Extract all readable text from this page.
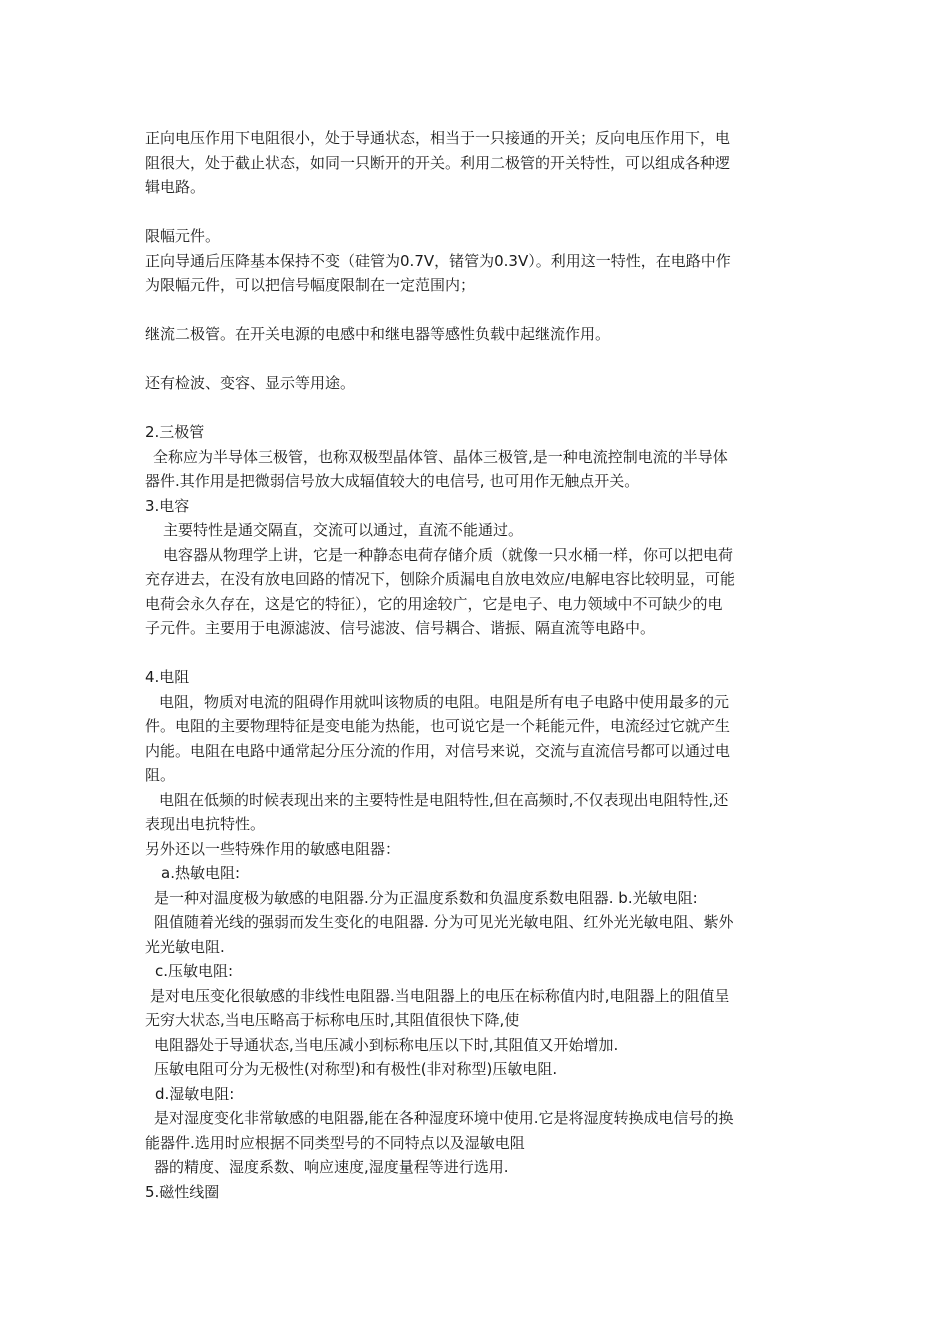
正向电压作用下电阻很小，处于导通状态，相当于一只接通的开关；反向电压作用下，电
阻很大，处于截止状态，如同一只断开的开关。利用二极管的开关特性，可以组成各种逻
辑电路。
限幅元件。
正向导通后压降基本保持不变（硅管为0.7V，锗管为0.3V）。利用这一特性，在电路中作
为限幅元件，可以把信号幅度限制在一定范围内；
继流二极管。在开关电源的电感中和继电器等感性负载中起继流作用。
还有检波、变容、显示等用途。
2.三极管
全称应为半导体三极管，也称双极型晶体管、晶体三极管,是一种电流控制电流的半导体
器件.其作用是把微弱信号放大成辐值较大的电信号, 也可用作无触点开关。
3.电容
主要特性是通交隔直，交流可以通过，直流不能通过。
电容器从物理学上讲，它是一种静态电荷存储介质（就像一只水桶一样，你可以把电荷
充存进去，在没有放电回路的情况下，刨除介质漏电自放电效应/电解电容比较明显，可能
电荷会永久存在，这是它的特征），它的用途较广，它是电子、电力领域中不可缺少的电
子元件。主要用于电源滤波、信号滤波、信号耦合、谐振、隔直流等电路中。
4.电阻
电阻，物质对电流的阻碍作用就叫该物质的电阻。电阻是所有电子电路中使用最多的元
件。电阻的主要物理特征是变电能为热能，也可说它是一个耗能元件，电流经过它就产生
内能。电阻在电路中通常起分压分流的作用，对信号来说，交流与直流信号都可以通过电
阻。
电阻在低频的时候表现出来的主要特性是电阻特性,但在高频时,不仅表现出电阻特性,还
表现出电抗特性。
另外还以一些特殊作用的敏感电阻器：
a.热敏电阻:
是一种对温度极为敏感的电阻器.分为正温度系数和负温度系数电阻器. b.光敏电阻:
阻值随着光线的强弱而发生变化的电阻器. 分为可见光光敏电阻、红外光光敏电阻、紫外
光光敏电阻.
c.压敏电阻:
是对电压变化很敏感的非线性电阻器.当电阻器上的电压在标称值内时,电阻器上的阻值呈
无穷大状态,当电压略高于标称电压时,其阻值很快下降,使
电阻器处于导通状态,当电压减小到标称电压以下时,其阻值又开始增加.
压敏电阻可分为无极性(对称型)和有极性(非对称型)压敏电阻.
d.湿敏电阻:
是对湿度变化非常敏感的电阻器,能在各种湿度环境中使用.它是将湿度转换成电信号的换
能器件.选用时应根据不同类型号的不同特点以及湿敏电阻
器的精度、湿度系数、响应速度,湿度量程等进行选用.
5.磁性线圈
